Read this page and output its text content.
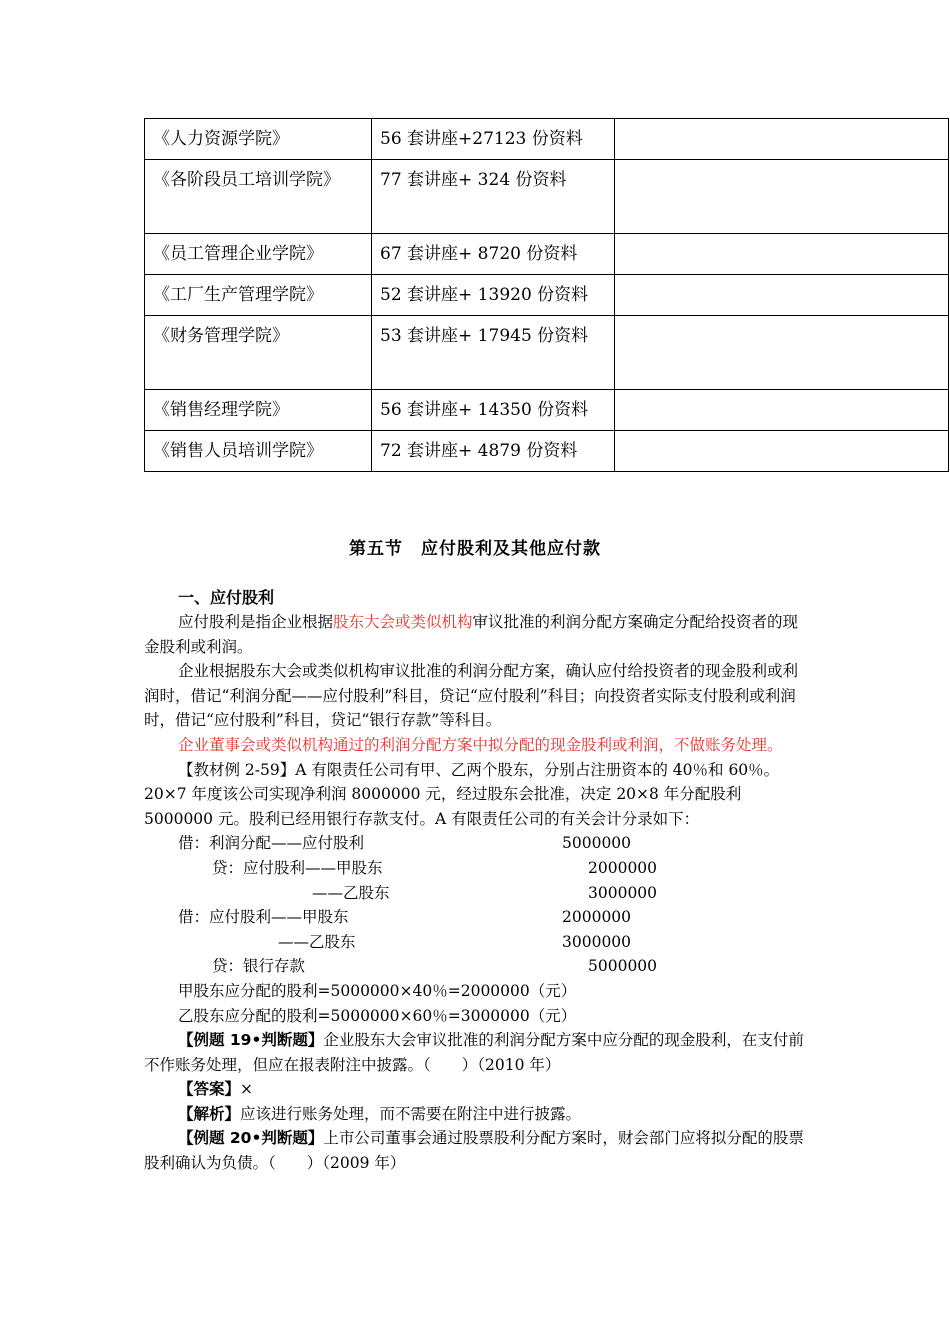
《人力资源学院》	56 套讲座+27123 份资料	
《各阶段员工培训学院》	77 套讲座+ 324 份资料	
《员工管理企业学院》	67 套讲座+ 8720 份资料	
《工厂生产管理学院》	52 套讲座+ 13920 份资料	
《财务管理学院》	53 套讲座+ 17945 份资料	
《销售经理学院》	56 套讲座+ 14350 份资料	
《销售人员培训学院》	72 套讲座+ 4879 份资料	
第五节　应付股利及其他应付款
一、应付股利

应付股利是指企业根据股东大会或类似机构审议批准的利润分配方案确定分配给投资者的现金股利或利润。

企业根据股东大会或类似机构审议批准的利润分配方案，确认应付给投资者的现金股利或利润时，借记“利润分配——应付股利”科目，贷记“应付股利”科目；向投资者实际支付股利或利润时，借记“应付股利”科目，贷记“银行存款”等科目。

企业董事会或类似机构通过的利润分配方案中拟分配的现金股利或利润，不做账务处理。

【教材例 2-59】A 有限责任公司有甲、乙两个股东，分别占注册资本的 40％和 60％。20×7 年度该公司实现净利润 8000000 元，经过股东会批准，决定 20×8 年分配股利 5000000 元。股利已经用银行存款支付。A 有限责任公司的有关会计分录如下：

借：利润分配——应付股利	5000000
贷：应付股利——甲股东	2000000
——乙股东	3000000
借：应付股利——甲股东	2000000
——乙股东	3000000
贷：银行存款	5000000

甲股东应分配的股利=5000000×40％=2000000（元）

乙股东应分配的股利=5000000×60％=3000000（元）

【例题 19•判断题】企业股东大会审议批准的利润分配方案中应分配的现金股利，在支付前不作账务处理，但应在报表附注中披露。（　　）（2010 年）

【答案】×

【解析】应该进行账务处理，而不需要在附注中进行披露。

【例题 20•判断题】上市公司董事会通过股票股利分配方案时，财会部门应将拟分配的股票股利确认为负债。（　　）（2009 年）
